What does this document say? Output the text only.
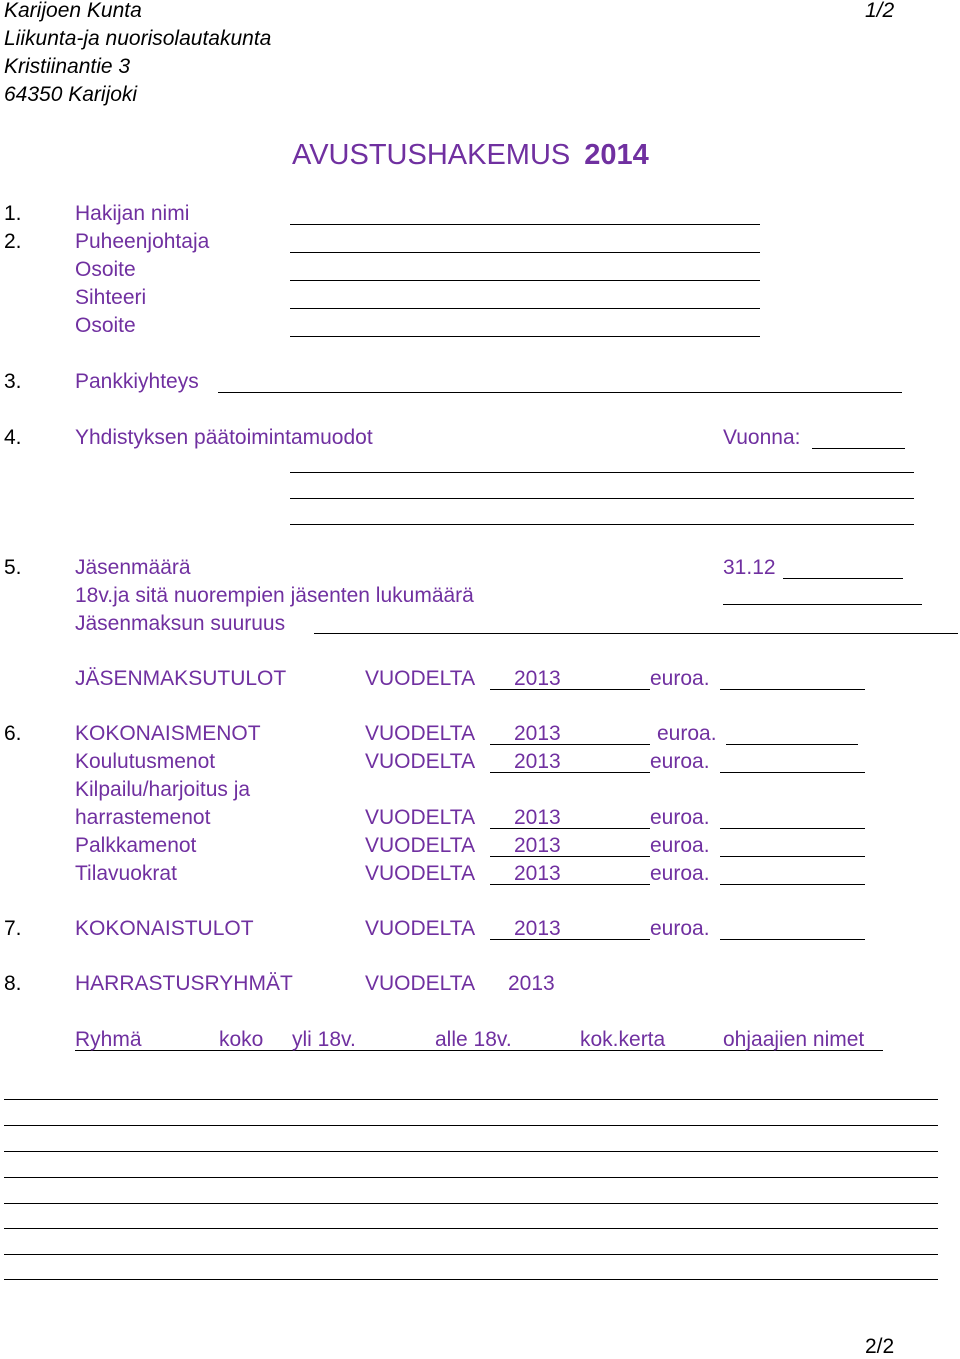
Karijoen Kunta	1/2
Liikunta-ja nuorisolautakunta
Kristiinantie 3
64350 Karijoki
AVUSTUSHAKEMUS 2014
1.	Hakijan nimi
2.	Puheenjohtaja
Osoite
Sihteeri
Osoite
3.	Pankkiyhteys
4.	Yhdistyksen päätoimintamuodot	Vuonna:
5.	Jäsenmäärä	31.12
18v.ja sitä nuorempien jäsenten lukumäärä
Jäsenmaksun suuruus
JÄSENMAKSUTULOT	VUODELTA 2013	euroa.
6.	KOKONAISMENOT	VUODELTA 2013	euroa.
Koulutusmenot	VUODELTA 2013	euroa.
Kilpailu/harjoitus ja
harrastemenot	VUODELTA 2013	euroa.
Palkkamenot	VUODELTA 2013	euroa.
Tilavuokrat	VUODELTA 2013	euroa.
7.	KOKONAISTULOT	VUODELTA 2013	euroa.
8.	HARRASTUSRYHMÄT	VUODELTA 2013
Ryhmä	koko yli 18v.	alle 18v.	kok.kerta	ohjaajien nimet
2/2
